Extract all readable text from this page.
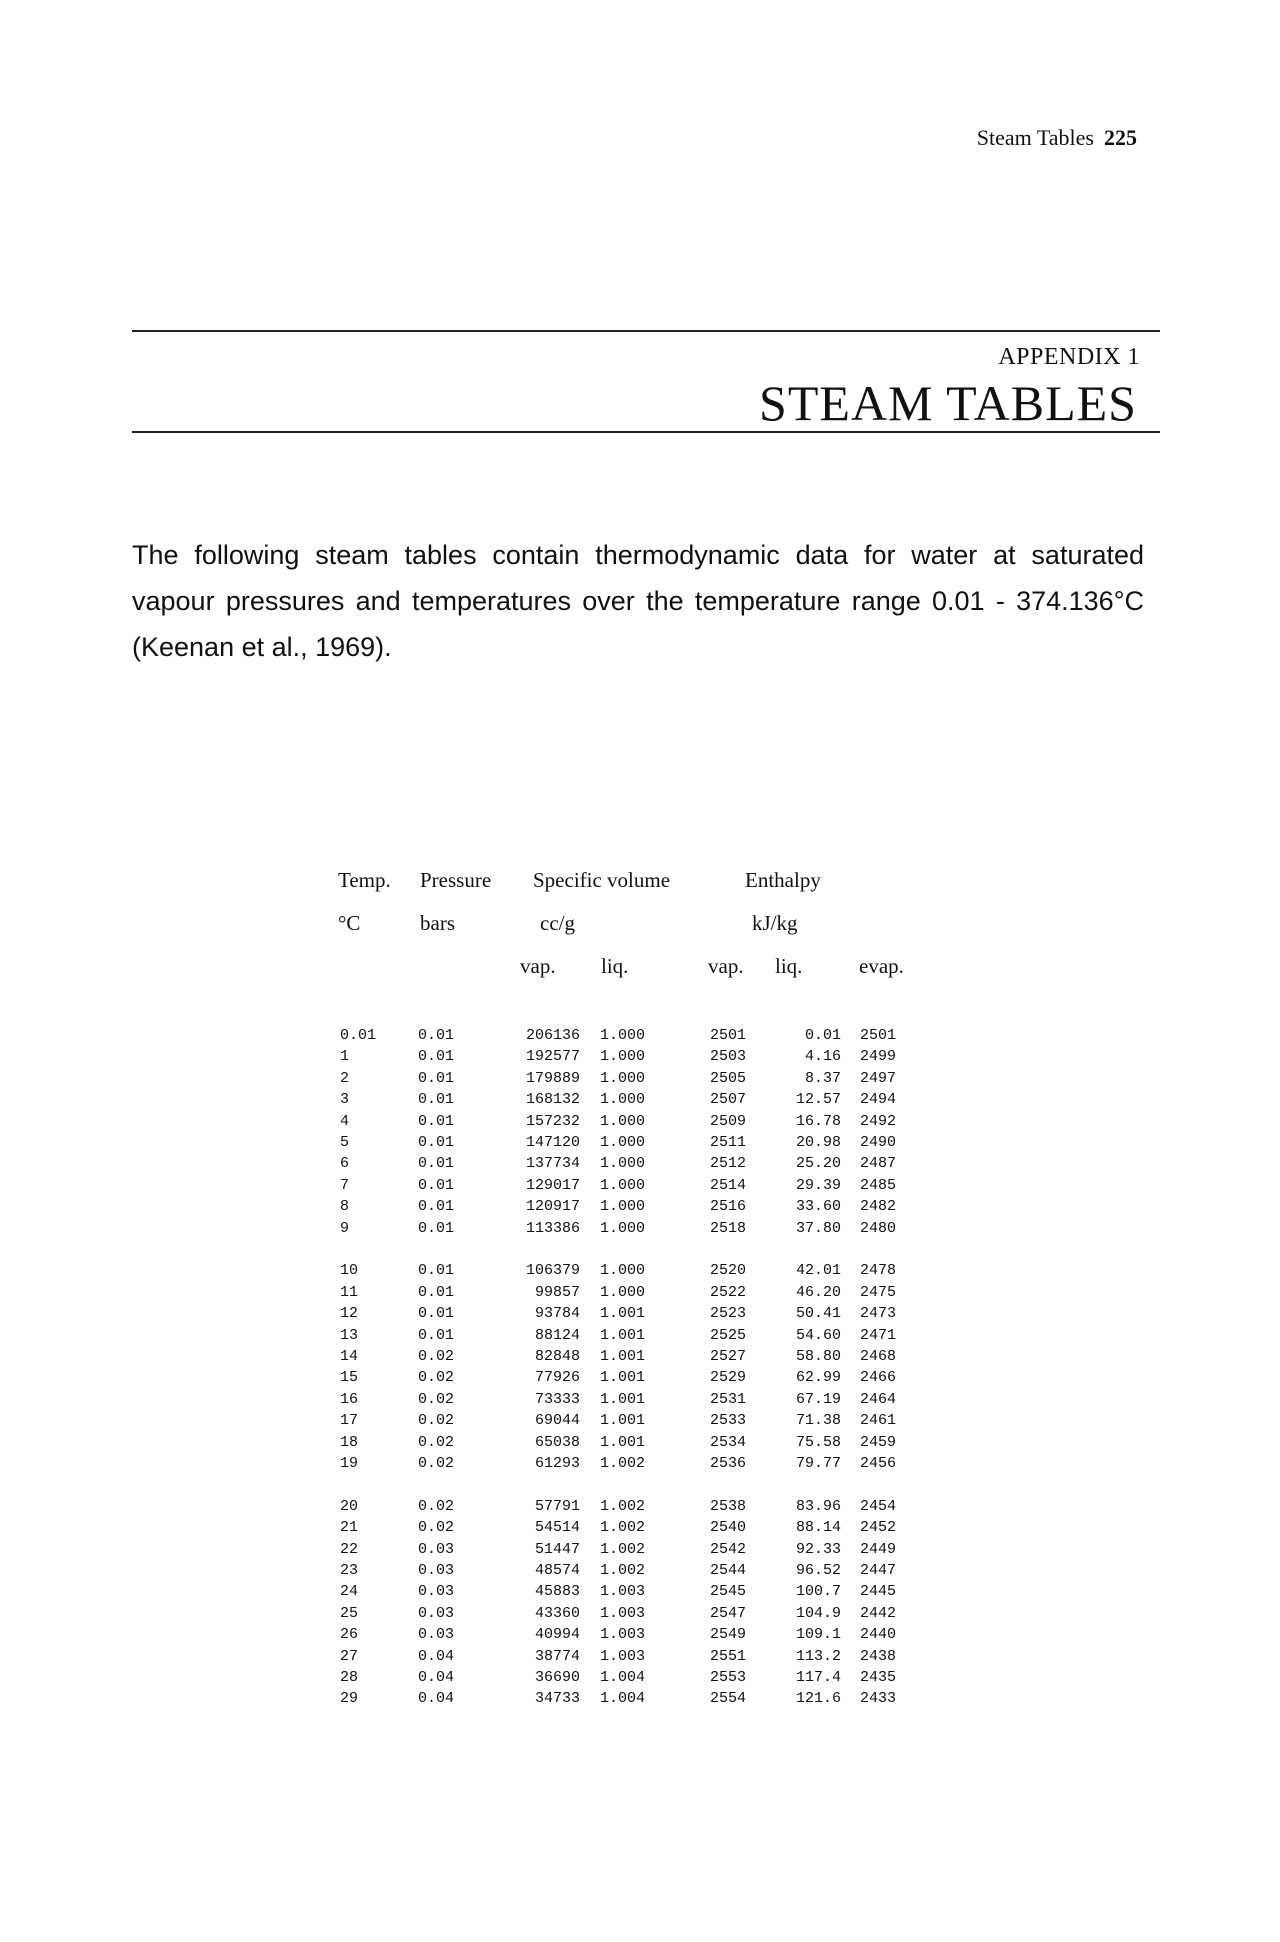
Steam Tables 225
APPENDIX 1
STEAM TABLES

The following steam tables contain thermodynamic data for water at saturated vapour pressures and temperatures over the temperature range 0.01 - 374.136°C (Keenan et al., 1969).

Temp. Pressure Specific volume	Enthalpy
°C	bars	cc/g	kJ/kg
vap. liq.	vap. liq.	evap.
0.01	0.01	206136 1.000	2501	0.01 2501
1	0.01	192577 1.000	2503	4.16 2499
2	0.01	179889 1.000	2505	8.37 2497
3	0.01	168132 1.000	2507	12.57 2494
4	0.01	157232 1.000	2509	16.78 2492
5	0.01	147120 1.000	2511	20.98 2490
6	0.01	137734 1.000	2512	25.20 2487
7	0.01	129017 1.000	2514	29.39 2485
8	0.01	120917 1.000	2516	33.60 2482
9	0.01	113386 1.000	2518	37.80 2480
10	0.01	106379 1.000	2520	42.01 2478
11	0.01	99857 1.000	2522	46.20 2475
12	0.01	93784 1.001	2523	50.41 2473
13	0.01	88124 1.001	2525	54.60 2471
14	0.02	82848 1.001	2527	58.80 2468
15	0.02	77926 1.001	2529	62.99 2466
16	0.02	73333 1.001	2531	67.19 2464
17	0.02	69044 1.001	2533	71.38 2461
18	0.02	65038 1.001	2534	75.58 2459
19	0.02	61293 1.002	2536	79.77 2456
20	0.02	57791 1.002	2538	83.96 2454
21	0.02	54514 1.002	2540	88.14 2452
22	0.03	51447 1.002	2542	92.33 2449
23	0.03	48574 1.002	2544	96.52 2447
24	0.03	45883 1.003	2545	100.7 2445
25	0.03	43360 1.003	2547	104.9 2442
26	0.03	40994 1.003	2549	109.1 2440
27	0.04	38774 1.003	2551	113.2 2438
28	0.04	36690 1.004	2553	117.4 2435
29	0.04	34733 1.004	2554	121.6 2433
